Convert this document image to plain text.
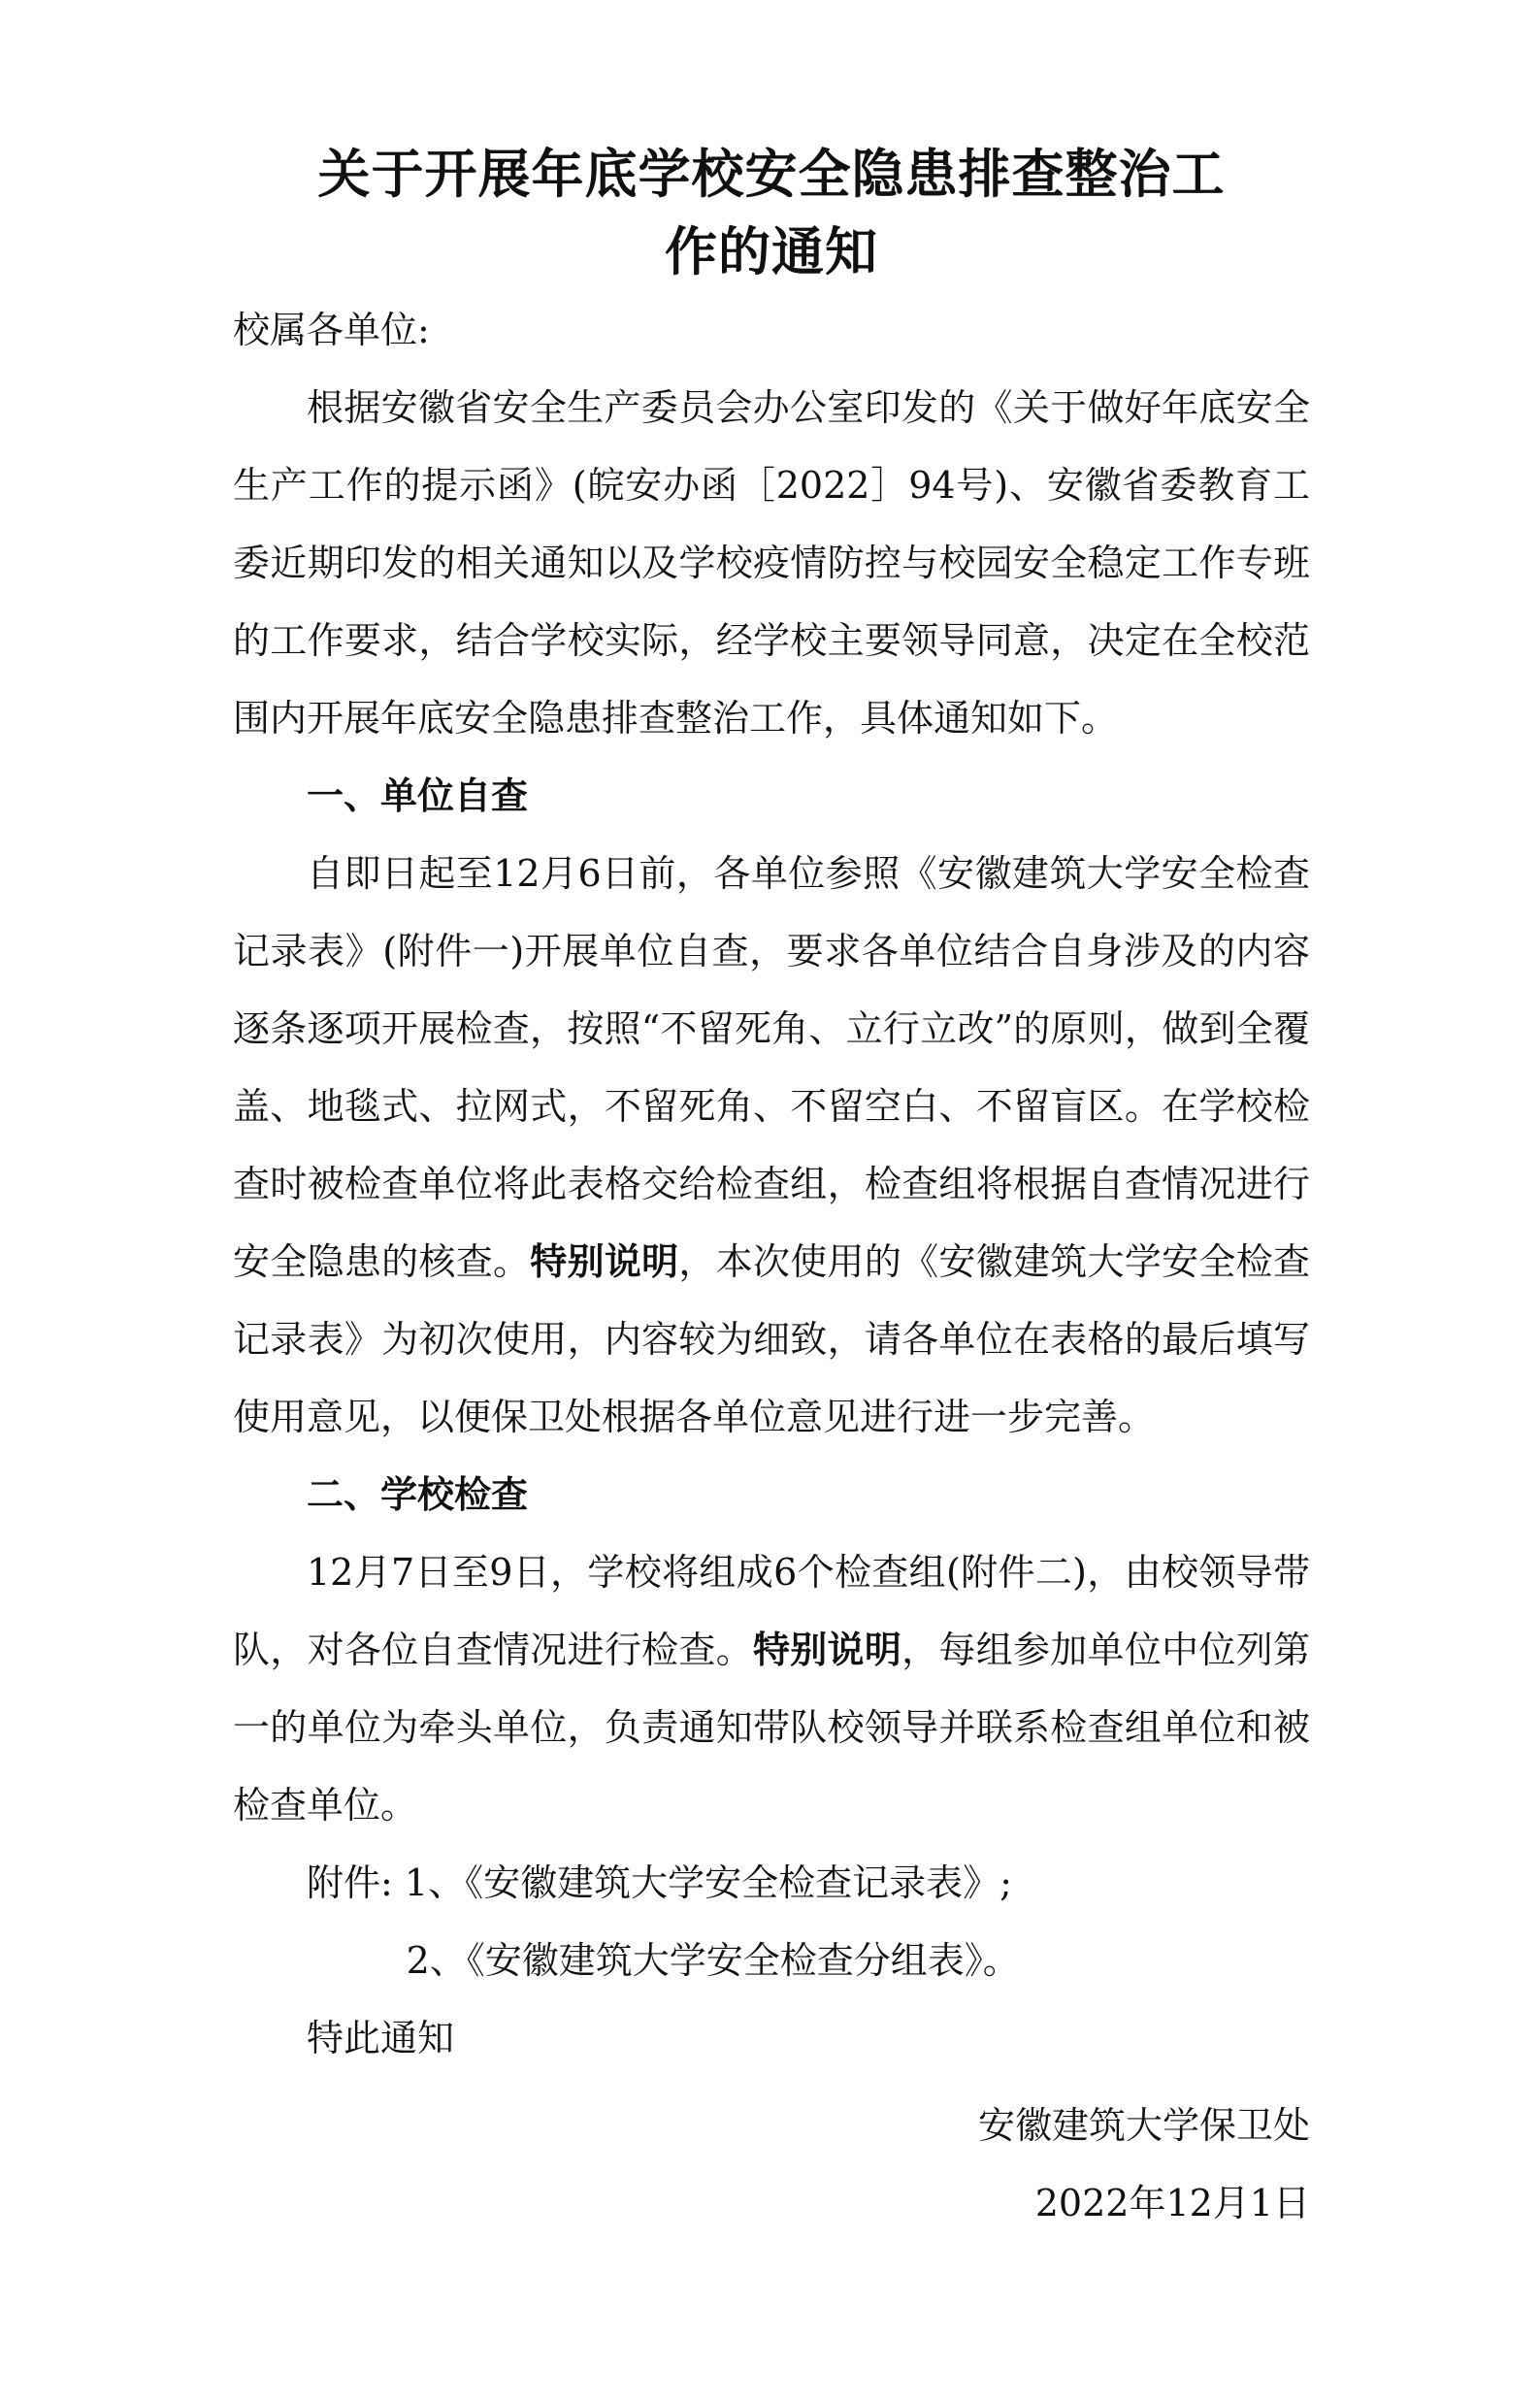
关于开展年底学校安全隐患排查整治工
作的通知

校属各单位:

根据安徽省安全生产委员会办公室印发的《关于做好年底安全生产工作的提示函》(皖安办函［2022］94号)、安徽省委教育工委近期印发的相关通知以及学校疫情防控与校园安全稳定工作专班的工作要求，结合学校实际，经学校主要领导同意，决定在全校范围内开展年底安全隐患排查整治工作，具体通知如下。

一、单位自查

自即日起至12月6日前，各单位参照《安徽建筑大学安全检查记录表》(附件一)开展单位自查，要求各单位结合自身涉及的内容逐条逐项开展检查，按照“不留死角、立行立改”的原则，做到全覆盖、地毯式、拉网式，不留死角、不留空白、不留盲区。在学校检查时被检查单位将此表格交给检查组，检查组将根据自查情况进行安全隐患的核查。特别说明，本次使用的《安徽建筑大学安全检查记录表》为初次使用，内容较为细致，请各单位在表格的最后填写使用意见，以便保卫处根据各单位意见进行进一步完善。

二、学校检查

12月7日至9日，学校将组成6个检查组(附件二)，由校领导带队，对各位自查情况进行检查。特别说明，每组参加单位中位列第一的单位为牵头单位，负责通知带队校领导并联系检查组单位和被检查单位。

附件: 1、《安徽建筑大学安全检查记录表》;
2、《安徽建筑大学安全检查分组表》。

特此通知

安徽建筑大学保卫处
2022年12月1日
